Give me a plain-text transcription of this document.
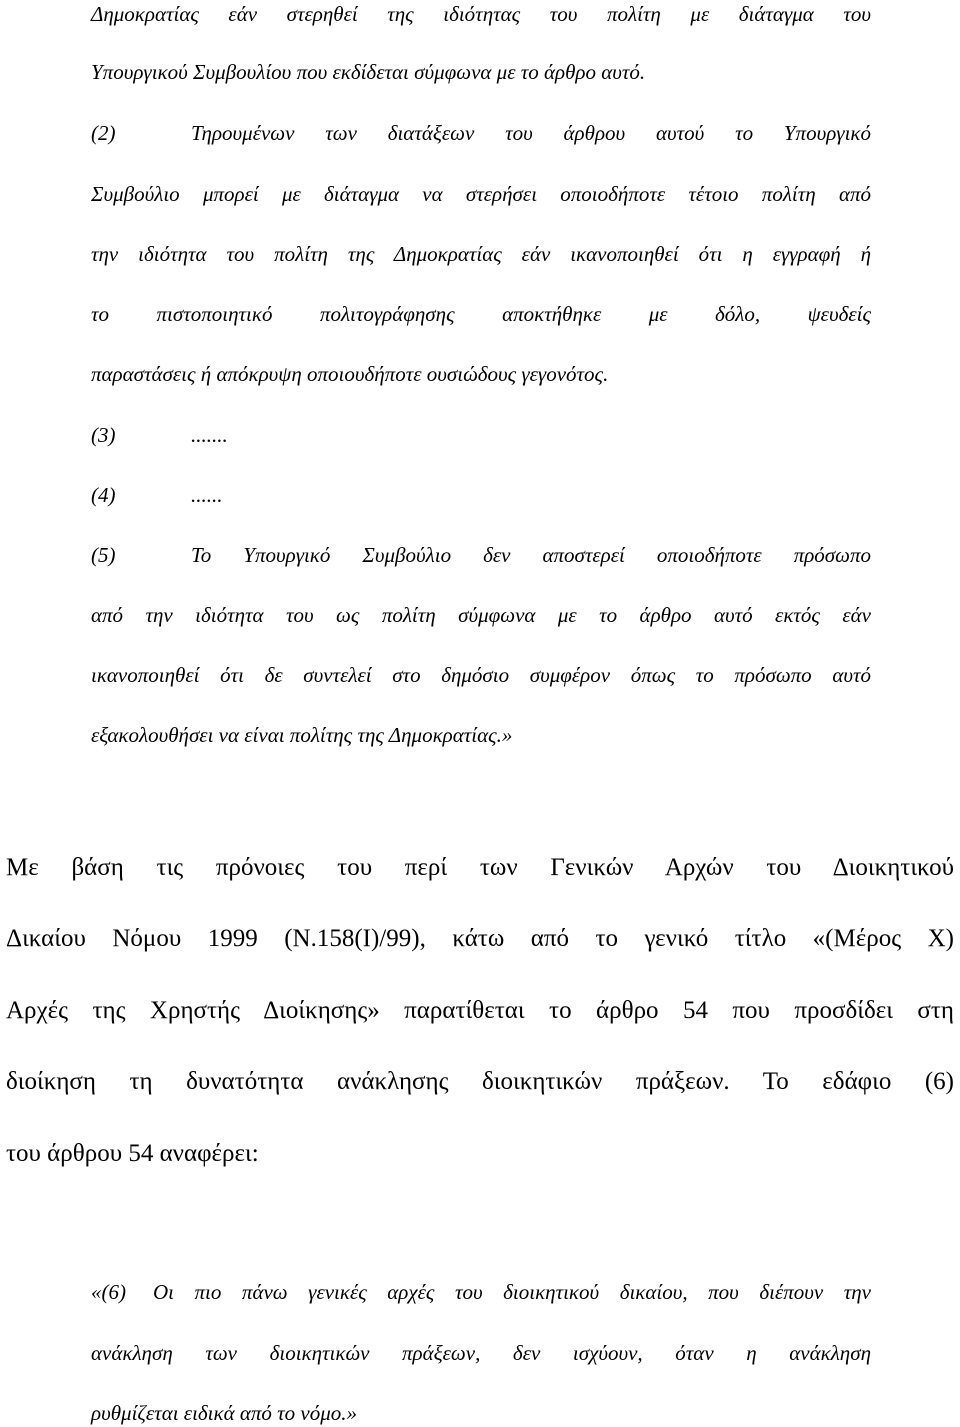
Δημοκρατίας εάν στερηθεί της ιδιότητας του πολίτη με διάταγμα του
Υπουργικού Συμβουλίου που εκδίδεται σύμφωνα με το άρθρο αυτό.
(2)	Τηρουμένων των διατάξεων του άρθρου αυτού το Υπουργικό
Συμβούλιο μπορεί με διάταγμα να στερήσει οποιοδήποτε τέτοιο πολίτη από
την ιδιότητα του πολίτη της Δημοκρατίας εάν ικανοποιηθεί ότι η εγγραφή ή
το πιστοποιητικό πολιτογράφησης αποκτήθηκε με δόλο, ψευδείς
παραστάσεις ή απόκρυψη οποιουδήποτε ουσιώδους γεγονότος.
(3)	.......
(4)	......
(5)	Το Υπουργικό Συμβούλιο δεν αποστερεί οποιοδήποτε πρόσωπο
από την ιδιότητα του ως πολίτη σύμφωνα με το άρθρο αυτό εκτός εάν
ικανοποιηθεί ότι δε συντελεί στο δημόσιο συμφέρον όπως το πρόσωπο αυτό
εξακολουθήσει να είναι πολίτης της Δημοκρατίας.»
Με βάση τις πρόνοιες του περί των Γενικών Αρχών του Διοικητικού
Δικαίου Νόμου 1999 (Ν.158(Ι)/99), κάτω από το γενικό τίτλο «(Μέρος Χ)
Αρχές της Χρηστής Διοίκησης» παρατίθεται το άρθρο 54 που προσδίδει στη
διοίκηση τη δυνατότητα ανάκλησης διοικητικών πράξεων. Το εδάφιο (6)
του άρθρου 54 αναφέρει:
«(6) Οι πιο πάνω γενικές αρχές του διοικητικού δικαίου, που διέπουν την
ανάκληση των διοικητικών πράξεων, δεν ισχύουν, όταν η ανάκληση
ρυθμίζεται ειδικά από το νόμο.»
